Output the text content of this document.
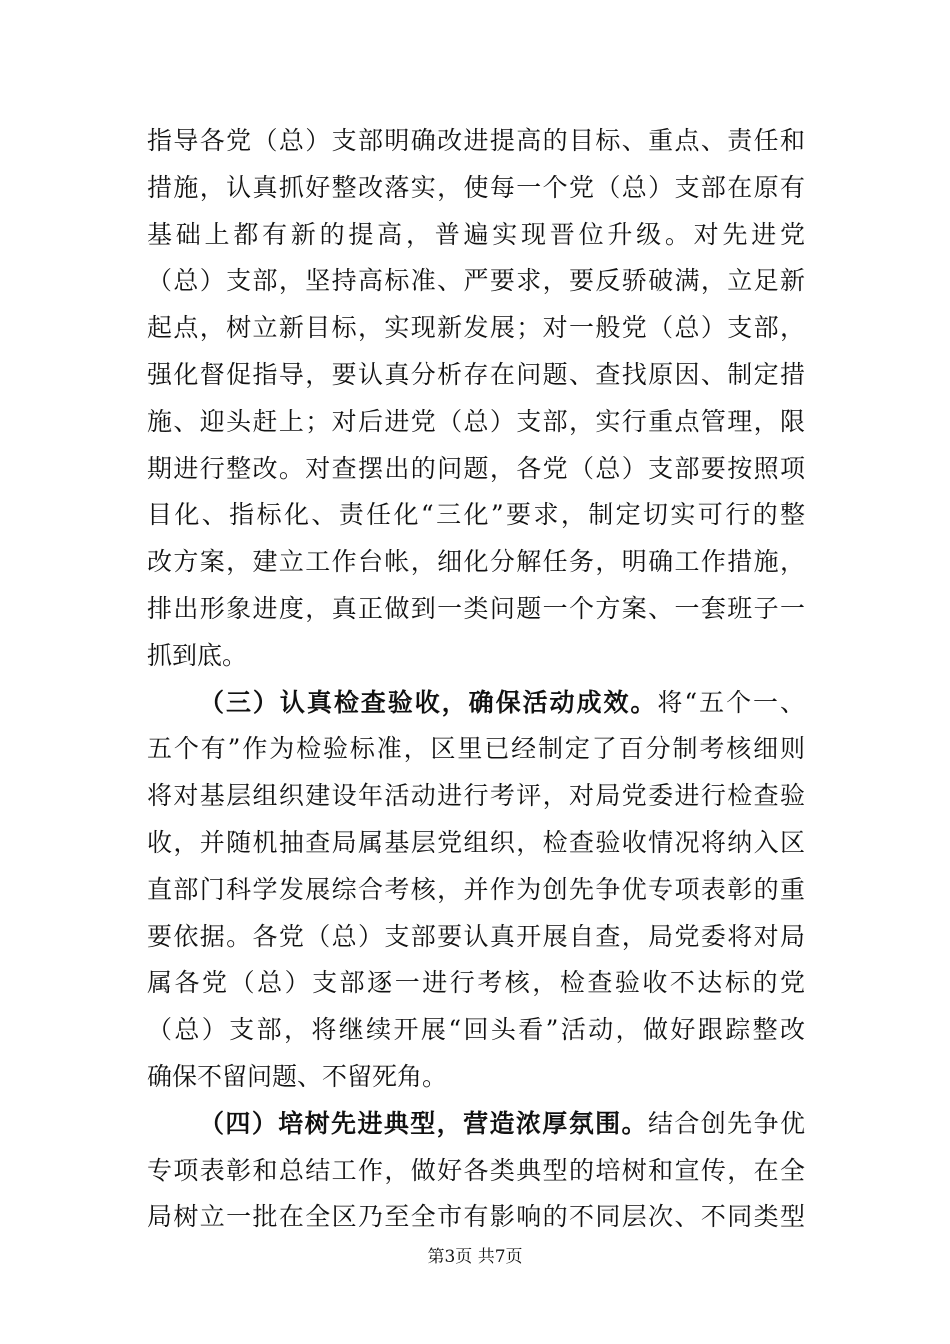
指导各党（总）支部明确改进提高的目标、重点、责任和
措施，认真抓好整改落实，使每一个党（总）支部在原有
基础上都有新的提高，普遍实现晋位升级。对先进党
（总）支部，坚持高标准、严要求，要反骄破满，立足新
起点，树立新目标，实现新发展；对一般党（总）支部，
强化督促指导，要认真分析存在问题、查找原因、制定措
施、迎头赶上；对后进党（总）支部，实行重点管理，限
期进行整改。对查摆出的问题，各党（总）支部要按照项
目化、指标化、责任化“三化”要求，制定切实可行的整
改方案，建立工作台帐，细化分解任务，明确工作措施，
排出形象进度，真正做到一类问题一个方案、一套班子一
抓到底。
（三）认真检查验收，确保活动成效。将“五个一、
五个有”作为检验标准，区里已经制定了百分制考核细则
将对基层组织建设年活动进行考评，对局党委进行检查验
收，并随机抽查局属基层党组织，检查验收情况将纳入区
直部门科学发展综合考核，并作为创先争优专项表彰的重
要依据。各党（总）支部要认真开展自查，局党委将对局
属各党（总）支部逐一进行考核，检查验收不达标的党
（总）支部，将继续开展“回头看”活动，做好跟踪整改
确保不留问题、不留死角。
（四）培树先进典型，营造浓厚氛围。结合创先争优
专项表彰和总结工作，做好各类典型的培树和宣传，在全
局树立一批在全区乃至全市有影响的不同层次、不同类型
第3页 共7页
